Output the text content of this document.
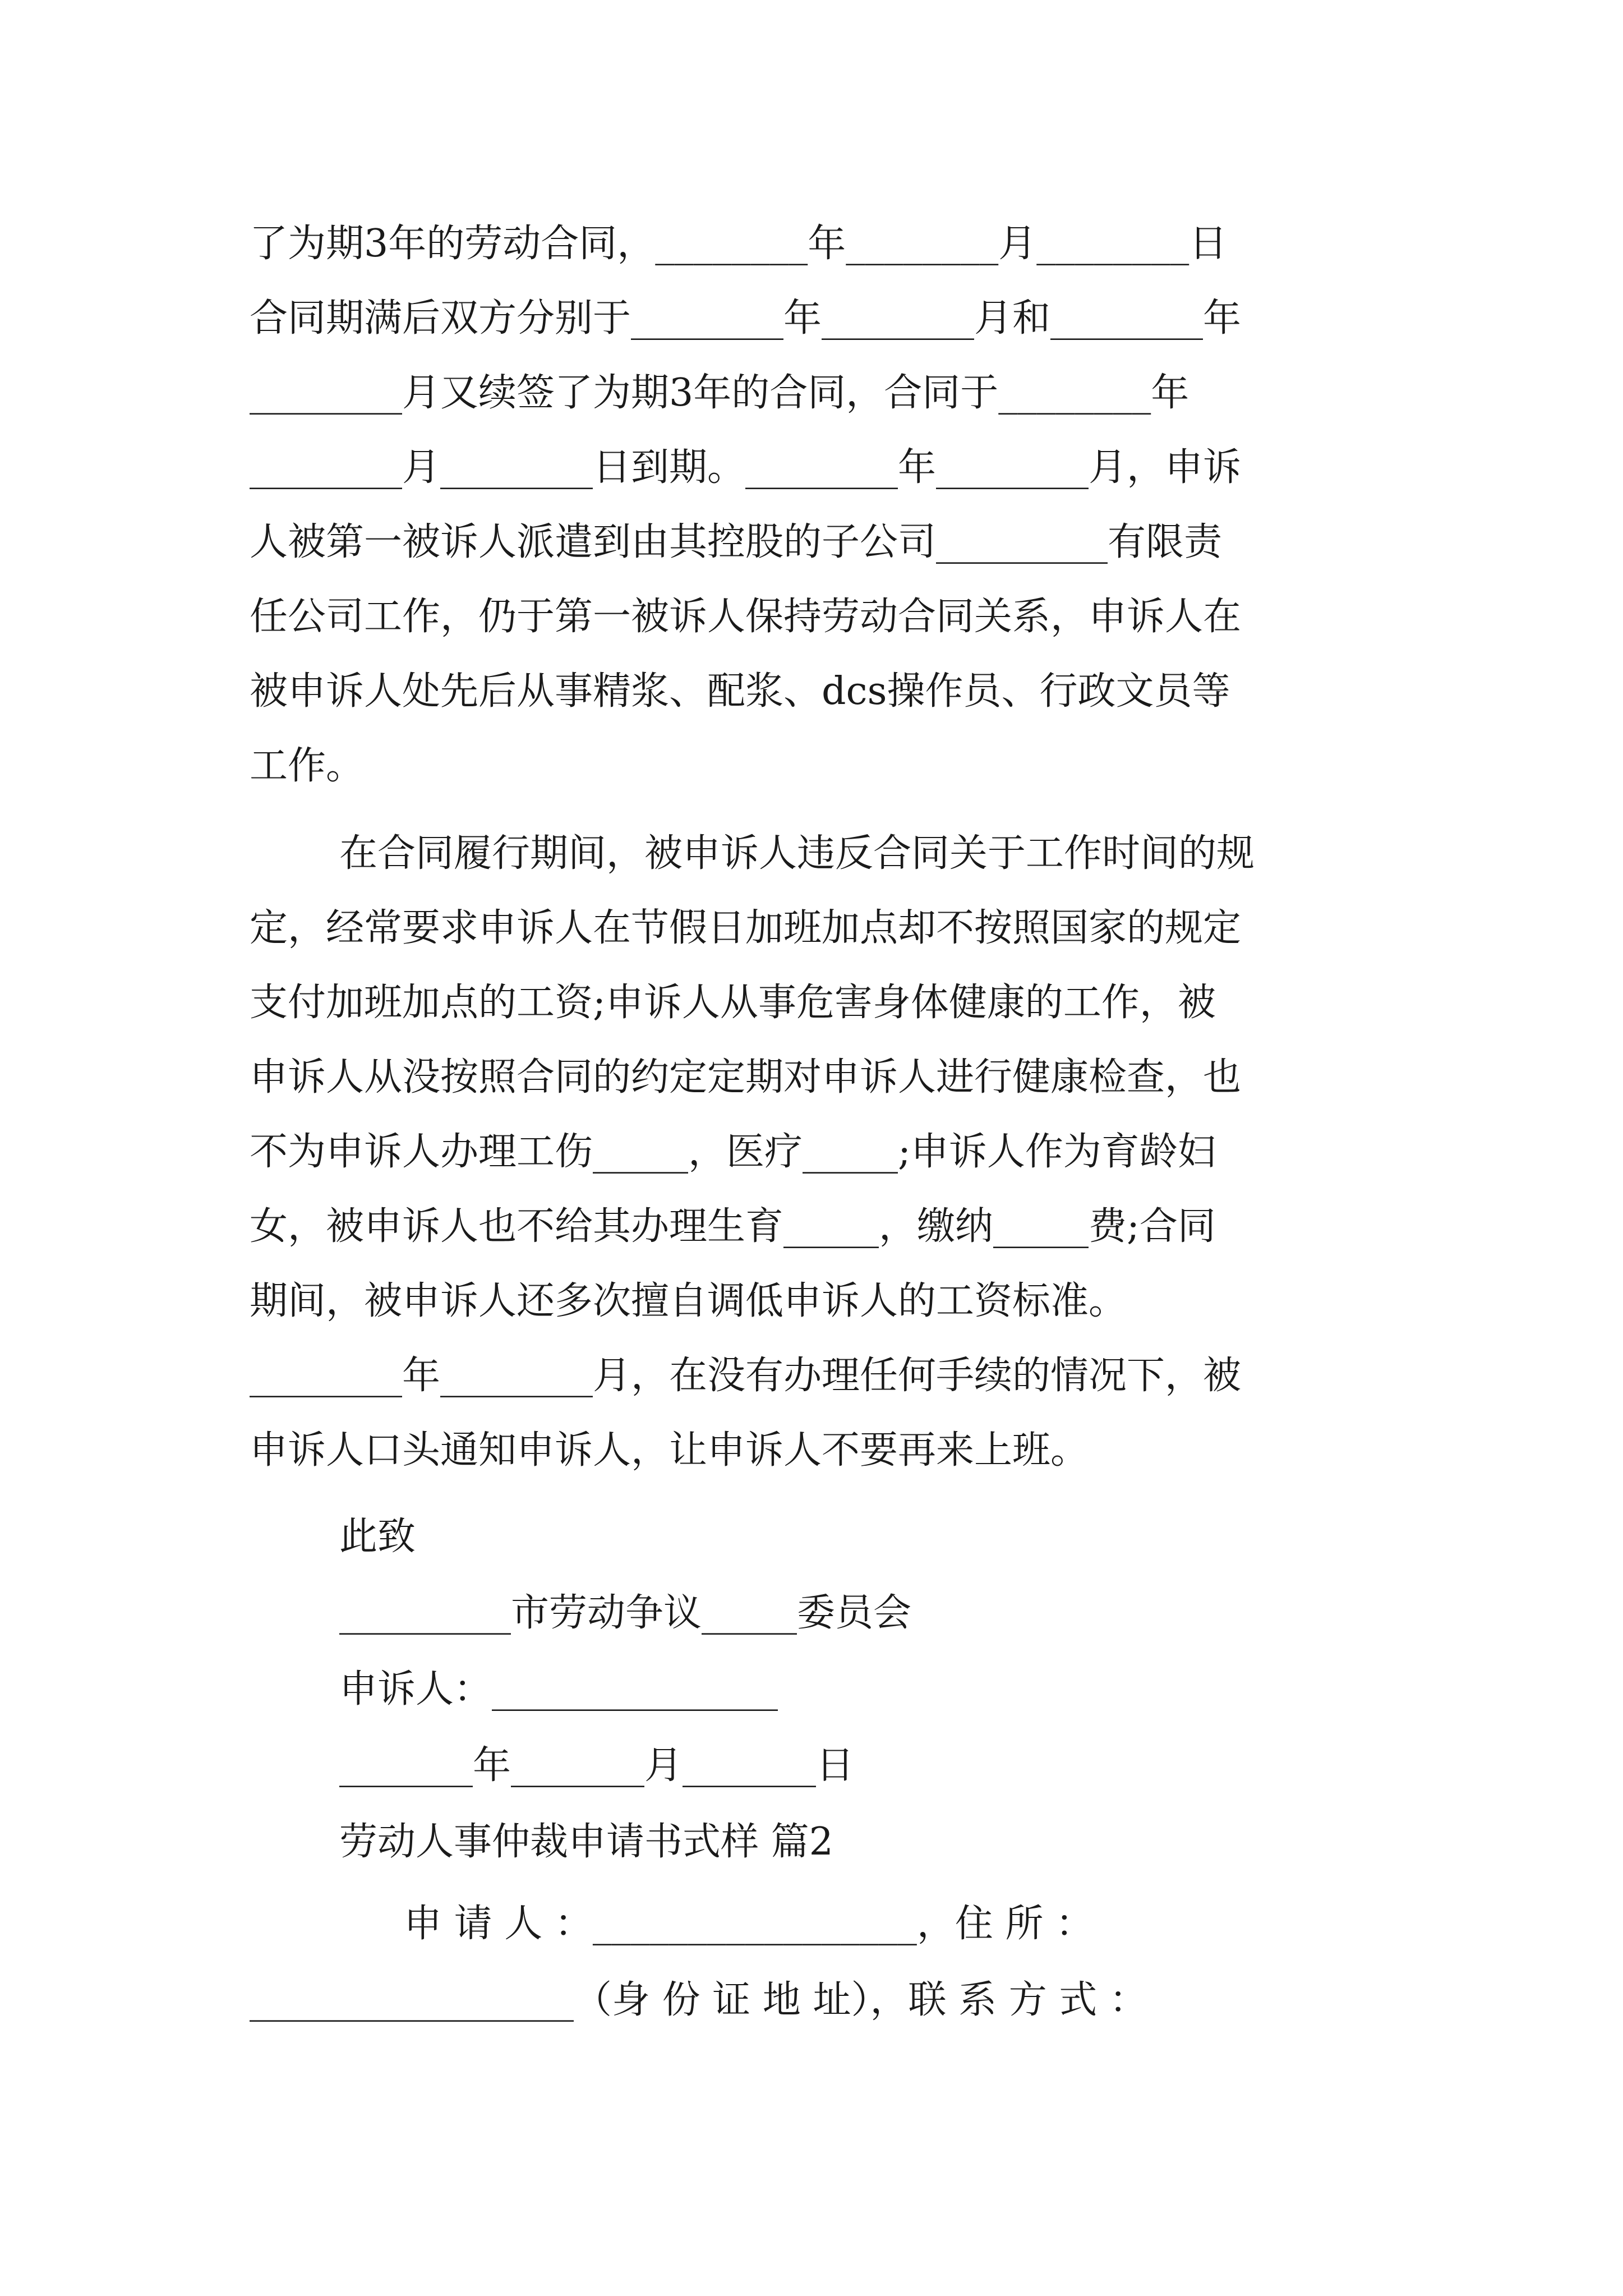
了为期3年的劳动合同，________年________月________日
合同期满后双方分别于________年________月和________年
________月又续签了为期3年的合同，合同于________年
________月________日到期。________年________月，申诉
人被第一被诉人派遣到由其控股的子公司_________有限责
任公司工作，仍于第一被诉人保持劳动合同关系，申诉人在
被申诉人处先后从事精浆、配浆、dcs操作员、行政文员等
工作。
在合同履行期间，被申诉人违反合同关于工作时间的规
定，经常要求申诉人在节假日加班加点却不按照国家的规定
支付加班加点的工资;申诉人从事危害身体健康的工作，被
申诉人从没按照合同的约定定期对申诉人进行健康检查，也
不为申诉人办理工伤_____，医疗_____;申诉人作为育龄妇
女，被申诉人也不给其办理生育_____，缴纳_____费;合同
期间，被申诉人还多次擅自调低申诉人的工资标准。
________年________月，在没有办理任何手续的情况下，被
申诉人口头通知申诉人，让申诉人不要再来上班。
此致
_________市劳动争议_____委员会
申诉人：_______________
_______年_______月_______日
劳动人事仲裁申请书式样 篇2
申 请 人 ：_________________，住 所 ：
_________________（身 份 证 地 址），联 系 方 式 ：
